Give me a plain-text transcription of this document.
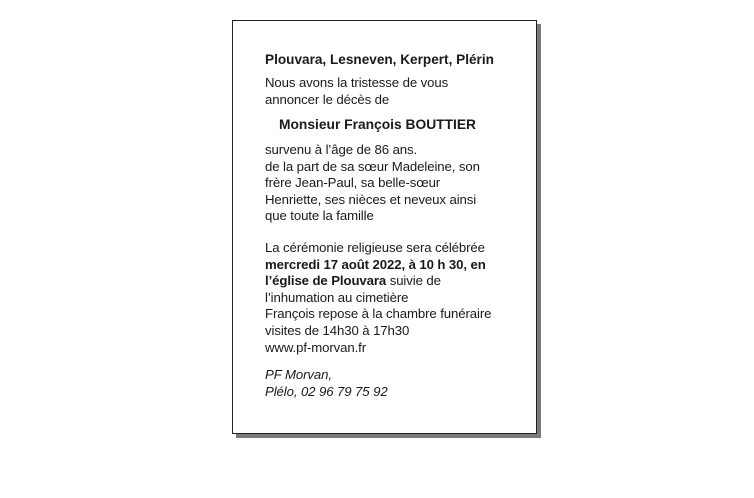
Plouvara, Lesneven, Kerpert, Plérin
Nous avons la tristesse de vous
annoncer le décès de
Monsieur François BOUTTIER
survenu à l’âge de 86 ans.
de la part de sa sœur Madeleine, son
frère Jean-Paul, sa belle-sœur
Henriette, ses nièces et neveux ainsi
que toute la famille
La cérémonie religieuse sera célébrée
mercredi 17 août 2022, à 10 h 30, en
l’église de Plouvara suivie de
l’inhumation au cimetière
François repose à la chambre funéraire
visites de 14h30 à 17h30
www.pf-morvan.fr
PF Morvan,
Plélo, 02 96 79 75 92
